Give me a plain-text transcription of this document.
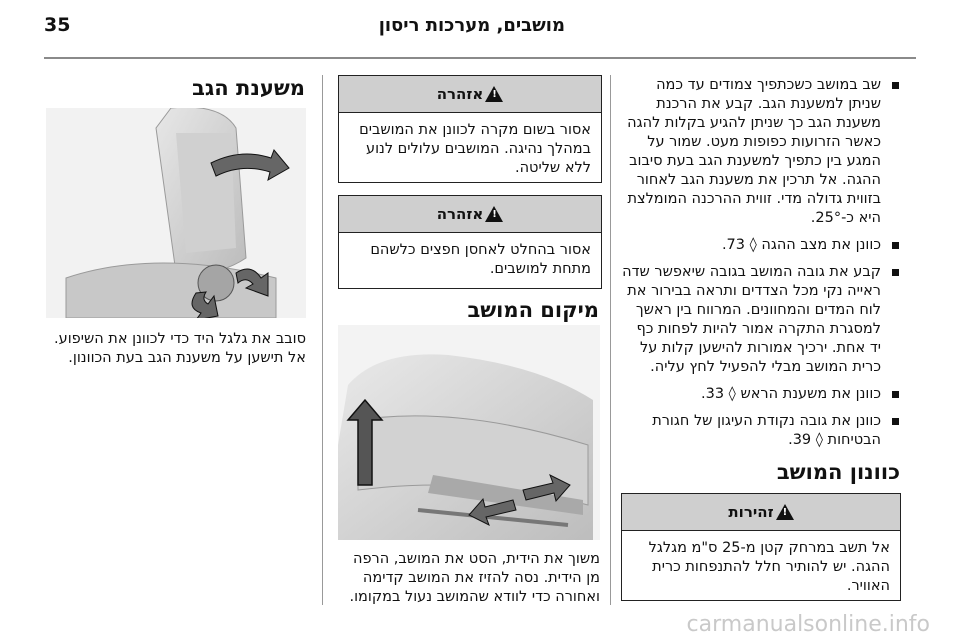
35	מושבים, מערכות ריסון
שב במושב כשכתפיך צמודים עד כמה שניתן למשענת הגב. קבע את הרכנת משענת הגב כך שניתן להגיע בקלות להגה כאשר הזרועות כפופות מעט. שמור על המגע בין כתפיך למשענת הגב בעת סיבוב ההגה. אל תרכין את משענת הגב לאחור בזווית גדולה מדי. זווית ההרכנה המומלצת היא כ-25°.
כוונן את מצב ההגה ◊ 73.
קבע את גובה המושב בגובה שיאפשר שדה ראייה נקי מכל הצדדים ותראה בבירור את לוח המדים והמחוונים. המרווח בין ראשך למסגרת התקרה אמור להיות לפחות כף יד אחת. ירכיך אמורות להישען קלות על כרית המושב מבלי להפעיל לחץ עליה.
כוונן את משענת הראש ◊ 33.
כוונן את גובה נקודת העיגון של חגורת הבטיחות ◊ 39.
כוונון המושב
!
זהירות
אל תשב במרחק קטן מ-25 ס"מ מגלגל ההגה. יש להותיר חלל להתנפחות כרית האוויר.
!
אזהרה
אסור בשום מקרה לכוונן את המושבים במהלך נהיגה. המושבים עלולים לנוע ללא שליטה.
!
אזהרה
אסור בהחלט לאחסן חפצים כלשהם מתחת למושבים.
מיקום המושב
משוך את הידית, הסט את המושב, הרפה מן הידית. נסה להזיז את המושב קדימה ואחורה כדי לוודא שהמושב נעול במקומו.
משענת הגב
סובב את גלגל היד כדי לכוונן את השיפוע. אל תישען על משענת הגב בעת הכוונון.
carmanualsonline.info
